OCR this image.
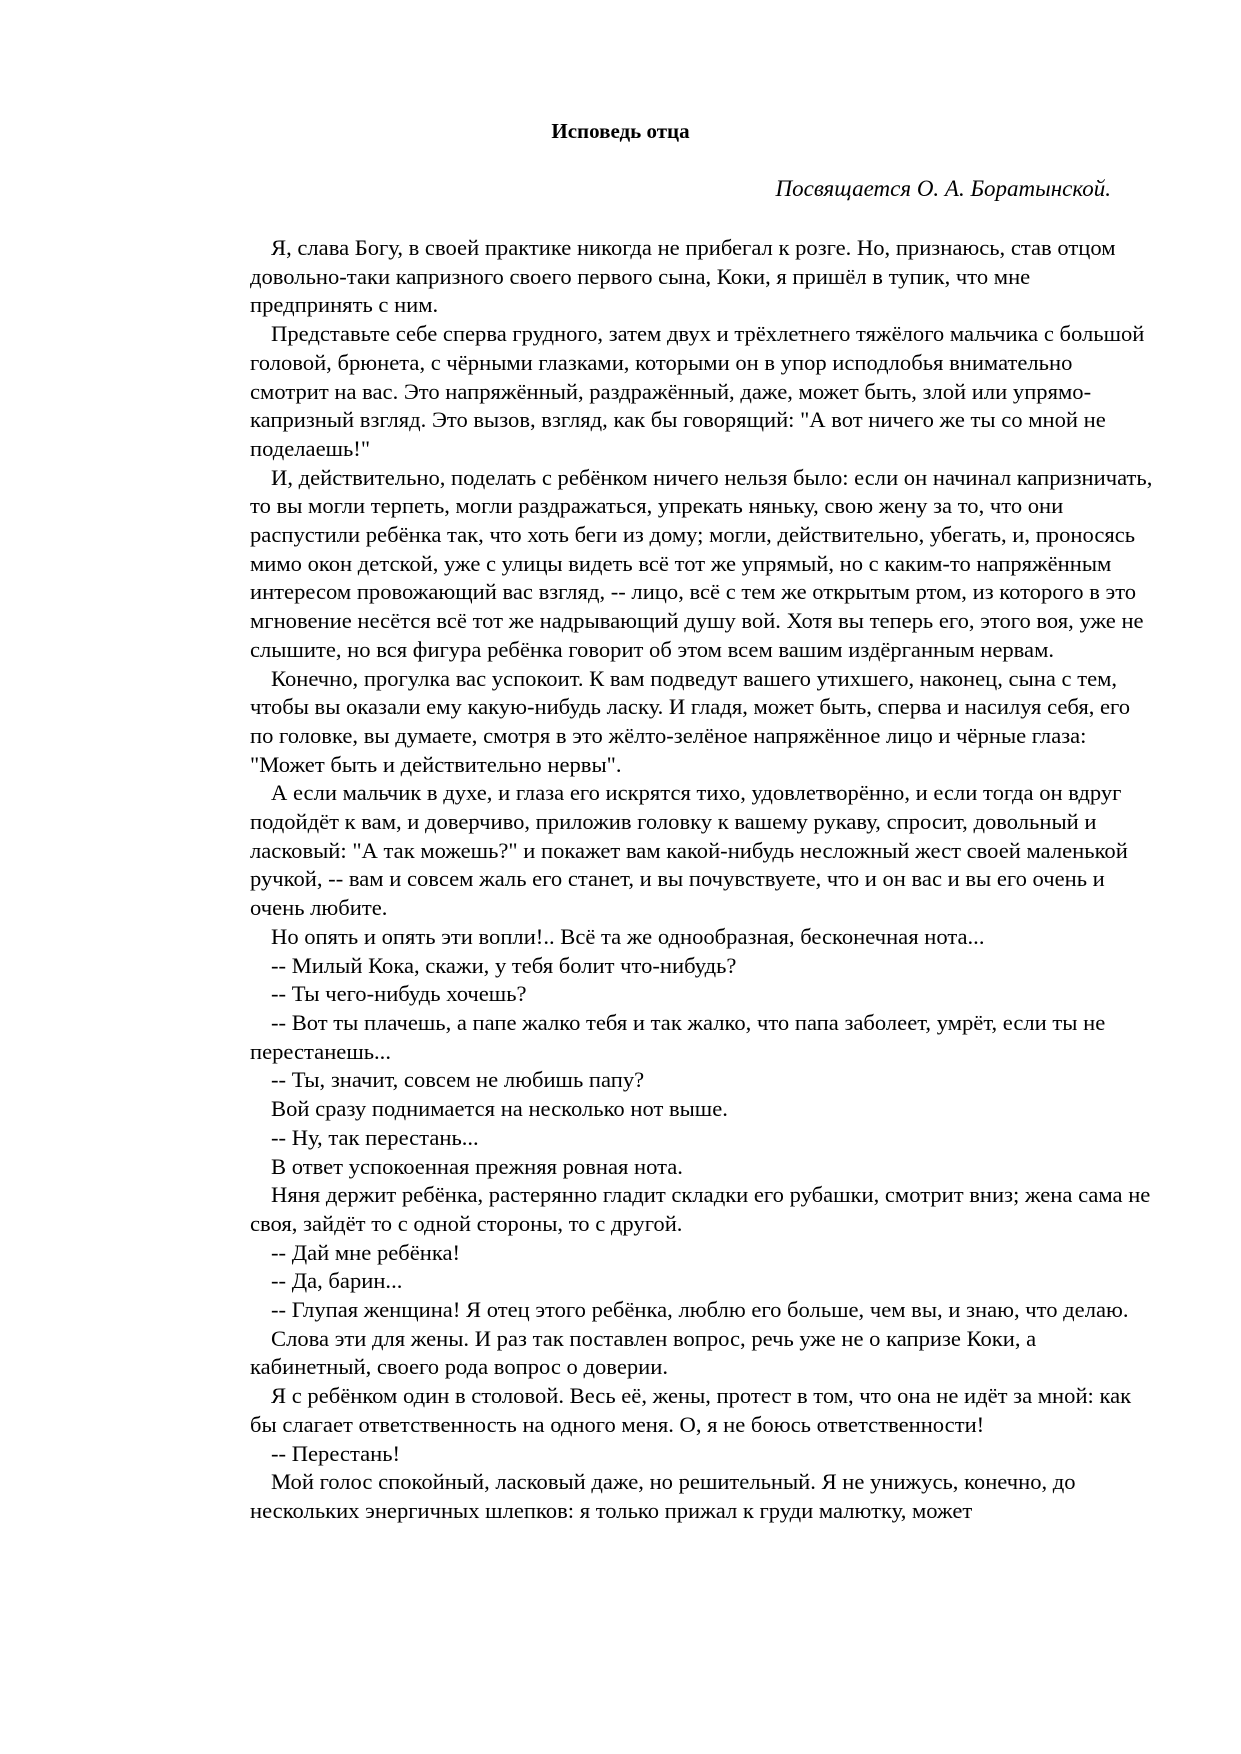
Исповедь отца

Посвящается О. А. Боратынской.

Я, слава Богу, в своей практике никогда не прибегал к розге. Но, признаюсь, став отцом довольно-таки капризного своего первого сына, Коки, я пришёл в тупик, что мне предпринять с ним.

Представьте себе сперва грудного, затем двух и трёхлетнего тяжёлого мальчика с большой головой, брюнета, с чёрными глазками, которыми он в упор исподлобья внимательно смотрит на вас. Это напряжённый, раздражённый, даже, может быть, злой или упрямо-капризный взгляд. Это вызов, взгляд, как бы говорящий: "А вот ничего же ты со мной не поделаешь!"

И, действительно, поделать с ребёнком ничего нельзя было: если он начинал капризничать, то вы могли терпеть, могли раздражаться, упрекать няньку, свою жену за то, что они распустили ребёнка так, что хоть беги из дому; могли, действительно, убегать, и, проносясь мимо окон детской, уже с улицы видеть всё тот же упрямый, но с каким-то напряжённым интересом провожающий вас взгляд, -- лицо, всё с тем же открытым ртом, из которого в это мгновение несётся всё тот же надрывающий душу вой. Хотя вы теперь его, этого воя, уже не слышите, но вся фигура ребёнка говорит об этом всем вашим издёрганным нервам.

Конечно, прогулка вас успокоит. К вам подведут вашего утихшего, наконец, сына с тем, чтобы вы оказали ему какую-нибудь ласку. И гладя, может быть, сперва и насилуя себя, его по головке, вы думаете, смотря в это жёлто-зелёное напряжённое лицо и чёрные глаза: "Может быть и действительно нервы".

А если мальчик в духе, и глаза его искрятся тихо, удовлетворённо, и если тогда он вдруг подойдёт к вам, и доверчиво, приложив головку к вашему рукаву, спросит, довольный и ласковый: "А так можешь?" и покажет вам какой-нибудь несложный жест своей маленькой ручкой, -- вам и совсем жаль его станет, и вы почувствуете, что и он вас и вы его очень и очень любите.

Но опять и опять эти вопли!.. Всё та же однообразная, бесконечная нота...

-- Милый Кока, скажи, у тебя болит что-нибудь?

-- Ты чего-нибудь хочешь?

-- Вот ты плачешь, а папе жалко тебя и так жалко, что папа заболеет, умрёт, если ты не перестанешь...

-- Ты, значит, совсем не любишь папу?

Вой сразу поднимается на несколько нот выше.

-- Ну, так перестань...

В ответ успокоенная прежняя ровная нота.

Няня держит ребёнка, растерянно гладит складки его рубашки, смотрит вниз; жена сама не своя, зайдёт то с одной стороны, то с другой.

-- Дай мне ребёнка!

-- Да, барин...

-- Глупая женщина! Я отец этого ребёнка, люблю его больше, чем вы, и знаю, что делаю.

Слова эти для жены. И раз так поставлен вопрос, речь уже не о капризе Коки, а кабинетный, своего рода вопрос о доверии.

Я с ребёнком один в столовой. Весь её, жены, протест в том, что она не идёт за мной: как бы слагает ответственность на одного меня. О, я не боюсь ответственности!

-- Перестань!

Мой голос спокойный, ласковый даже, но решительный. Я не унижусь, конечно, до нескольких энергичных шлепков: я только прижал к груди малютку, может
